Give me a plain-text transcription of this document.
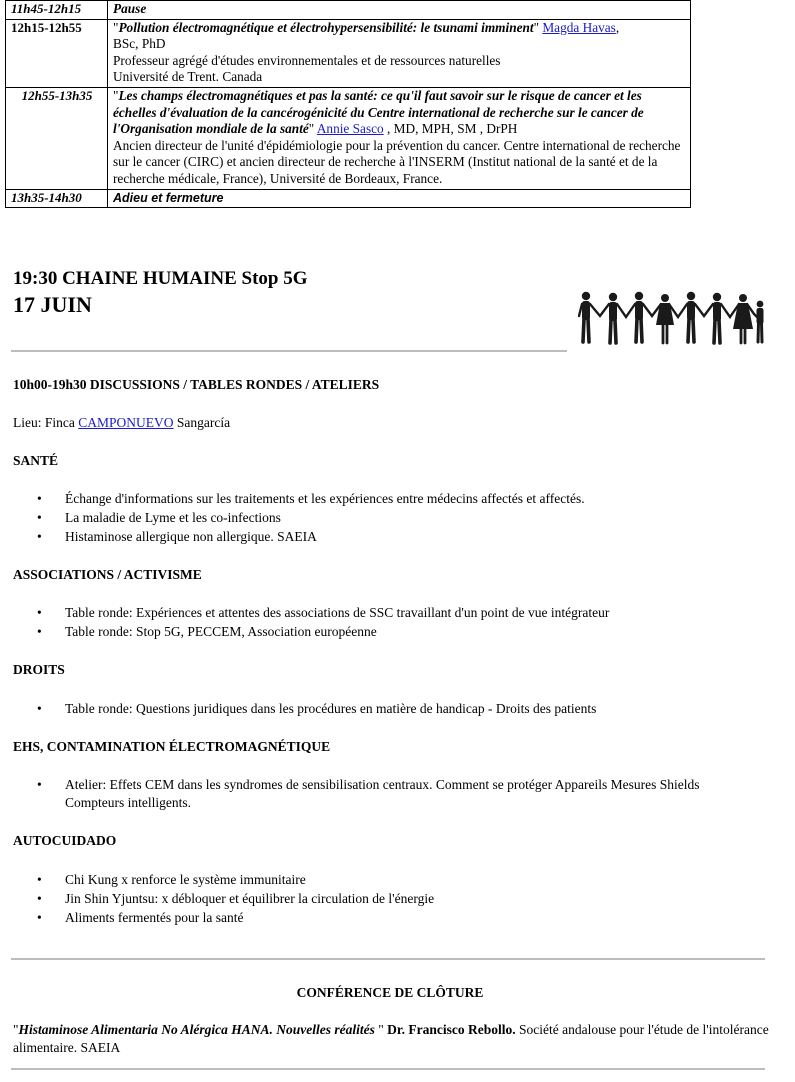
11h45-12h15	Pause
12h15-12h55	"Pollution électromagnétique et électrohypersensibilité: le tsunami imminent" Magda Havas,
BSc, PhD
Professeur agrégé d'études environnementales et de ressources naturelles
Université de Trent. Canada
12h55-13h35	"Les champs électromagnétiques et pas la santé: ce qu'il faut savoir sur le risque de cancer et les échelles d'évaluation de la cancérogénicité du Centre international de recherche sur le cancer de l'Organisation mondiale de la santé" Annie Sasco , MD, MPH, SM , DrPH
Ancien directeur de l'unité d'épidémiologie pour la prévention du cancer. Centre international de recherche sur le cancer (CIRC) et ancien directeur de recherche à l'INSERM (Institut national de la santé et de la recherche médicale, France), Université de Bordeaux, France.
13h35-14h30	Adieu et fermeture
19:30 CHAINE HUMAINE Stop 5G
17 JUIN
10h00-19h30 DISCUSSIONS / TABLES RONDES / ATELIERS
Lieu: Finca CAMPONUEVO Sangarcía
SANTÉ
• Échange d'informations sur les traitements et les expériences entre médecins affectés et affectés.
• La maladie de Lyme et les co-infections
• Histaminose allergique non allergique. SAEIA
ASSOCIATIONS / ACTIVISME
• Table ronde: Expériences et attentes des associations de SSC travaillant d'un point de vue intégrateur
• Table ronde: Stop 5G, PECCEM, Association européenne
DROITS
• Table ronde: Questions juridiques dans les procédures en matière de handicap - Droits des patients
EHS, CONTAMINATION ÉLECTROMAGNÉTIQUE
• Atelier: Effets CEM dans les syndromes de sensibilisation centraux. Comment se protéger Appareils Mesures Shields Compteurs intelligents.
AUTOCUIDADO
• Chi Kung x renforce le système immunitaire
• Jin Shin Yjuntsu: x débloquer et équilibrer la circulation de l'énergie
• Aliments fermentés pour la santé
CONFÉRENCE DE CLÔTURE
"Histaminose Alimentaria No Alérgica HANA. Nouvelles réalités " Dr. Francisco Rebollo. Société andalouse pour l'étude de l'intolérance alimentaire. SAEIA
